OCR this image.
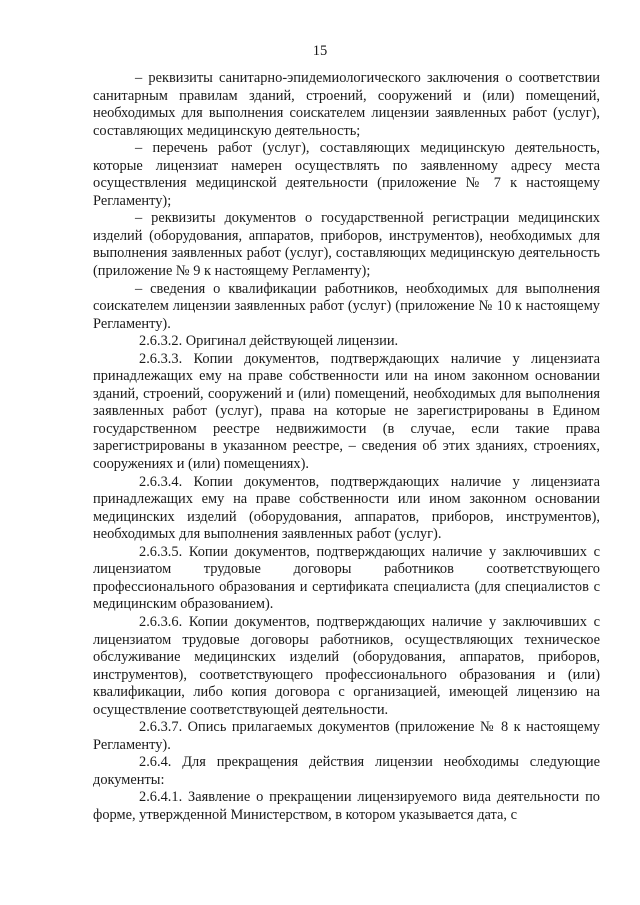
15

– реквизиты санитарно-эпидемиологического заключения о соответствии санитарным правилам зданий, строений, сооружений и (или) помещений, необходимых для выполнения соискателем лицензии заявленных работ (услуг), составляющих медицинскую деятельность;

– перечень работ (услуг), составляющих медицинскую деятельность, которые лицензиат намерен осуществлять по заявленному адресу места осуществления медицинской деятельности (приложение № 7 к настоящему Регламенту);

– реквизиты документов о государственной регистрации медицинских изделий (оборудования, аппаратов, приборов, инструментов), необходимых для выполнения заявленных работ (услуг), составляющих медицинскую деятельность (приложение № 9 к настоящему Регламенту);

– сведения о квалификации работников, необходимых для выполнения соискателем лицензии заявленных работ (услуг) (приложение № 10 к настоящему Регламенту).

2.6.3.2. Оригинал действующей лицензии.

2.6.3.3. Копии документов, подтверждающих наличие у лицензиата принадлежащих ему на праве собственности или на ином законном основании зданий, строений, сооружений и (или) помещений, необходимых для выполнения заявленных работ (услуг), права на которые не зарегистрированы в Едином государственном реестре недвижимости (в случае, если такие права зарегистрированы в указанном реестре, – сведения об этих зданиях, строениях, сооружениях и (или) помещениях).

2.6.3.4. Копии документов, подтверждающих наличие у лицензиата принадлежащих ему на праве собственности или ином законном основании медицинских изделий (оборудования, аппаратов, приборов, инструментов), необходимых для выполнения заявленных работ (услуг).

2.6.3.5. Копии документов, подтверждающих наличие у заключивших с лицензиатом трудовые договоры работников соответствующего профессионального образования и сертификата специалиста (для специалистов с медицинским образованием).

2.6.3.6. Копии документов, подтверждающих наличие у заключивших с лицензиатом трудовые договоры работников, осуществляющих техническое обслуживание медицинских изделий (оборудования, аппаратов, приборов, инструментов), соответствующего профессионального образования и (или) квалификации, либо копия договора с организацией, имеющей лицензию на осуществление соответствующей деятельности.

2.6.3.7. Опись прилагаемых документов (приложение № 8 к настоящему Регламенту).

2.6.4. Для прекращения действия лицензии необходимы следующие документы:

2.6.4.1. Заявление о прекращении лицензируемого вида деятельности по форме, утвержденной Министерством, в котором указывается дата, с
